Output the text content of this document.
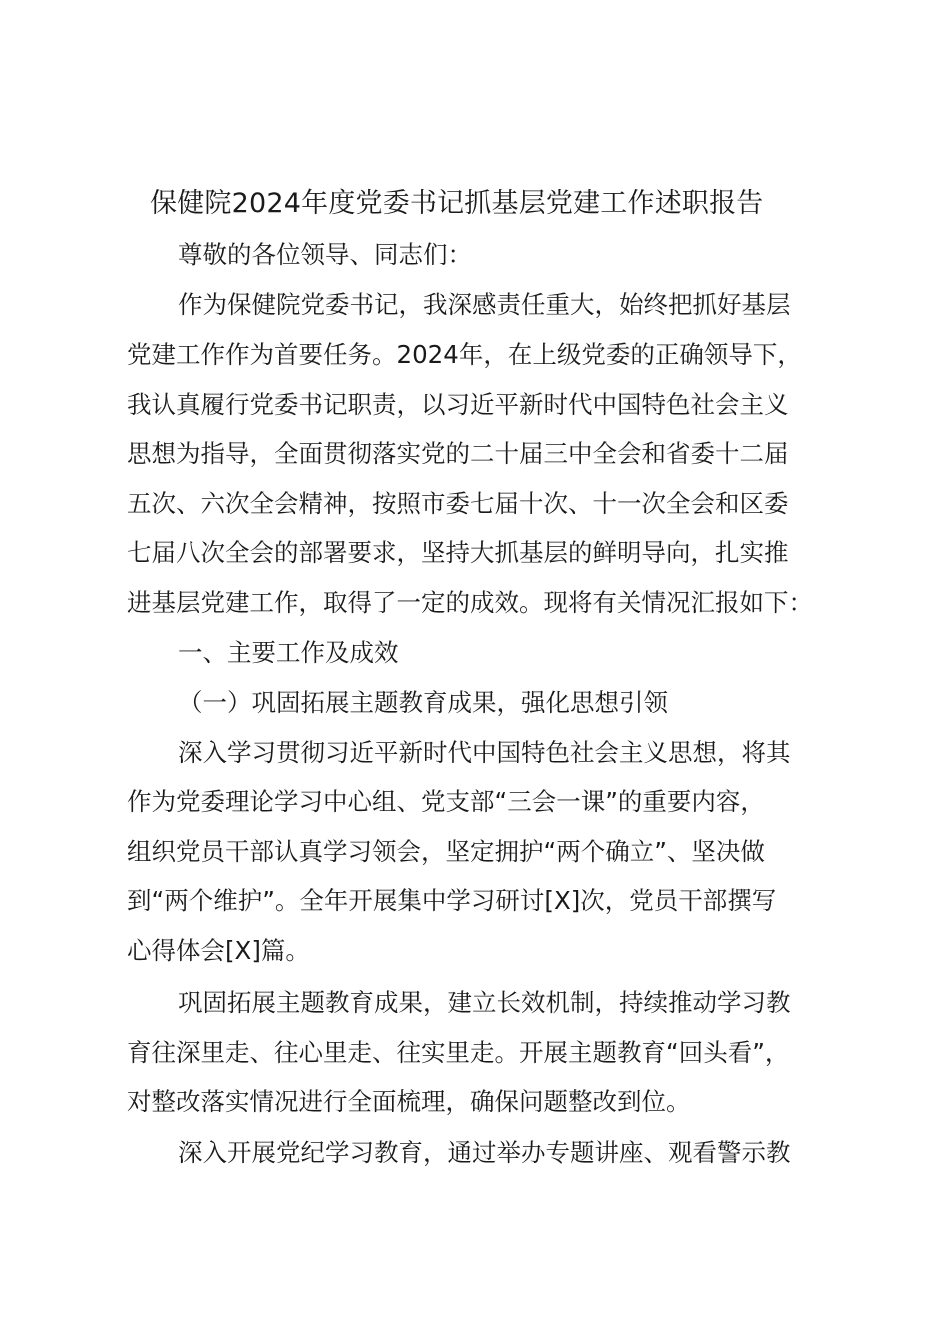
保健院2024年度党委书记抓基层党建工作述职报告

尊敬的各位领导、同志们：

作为保健院党委书记，我深感责任重大，始终把抓好基层

党建工作作为首要任务。2024年，在上级党委的正确领导下，

我认真履行党委书记职责，以习近平新时代中国特色社会主义

思想为指导，全面贯彻落实党的二十届三中全会和省委十二届

五次、六次全会精神，按照市委七届十次、十一次全会和区委

七届八次全会的部署要求，坚持大抓基层的鲜明导向，扎实推

进基层党建工作，取得了一定的成效。现将有关情况汇报如下：

一、主要工作及成效

（一）巩固拓展主题教育成果，强化思想引领

深入学习贯彻习近平新时代中国特色社会主义思想，将其

作为党委理论学习中心组、党支部“三会一课”的重要内容，

组织党员干部认真学习领会，坚定拥护“两个确立”、坚决做

到“两个维护”。全年开展集中学习研讨[X]次，党员干部撰写

心得体会[X]篇。

巩固拓展主题教育成果，建立长效机制，持续推动学习教

育往深里走、往心里走、往实里走。开展主题教育“回头看”，

对整改落实情况进行全面梳理，确保问题整改到位。

深入开展党纪学习教育，通过举办专题讲座、观看警示教
